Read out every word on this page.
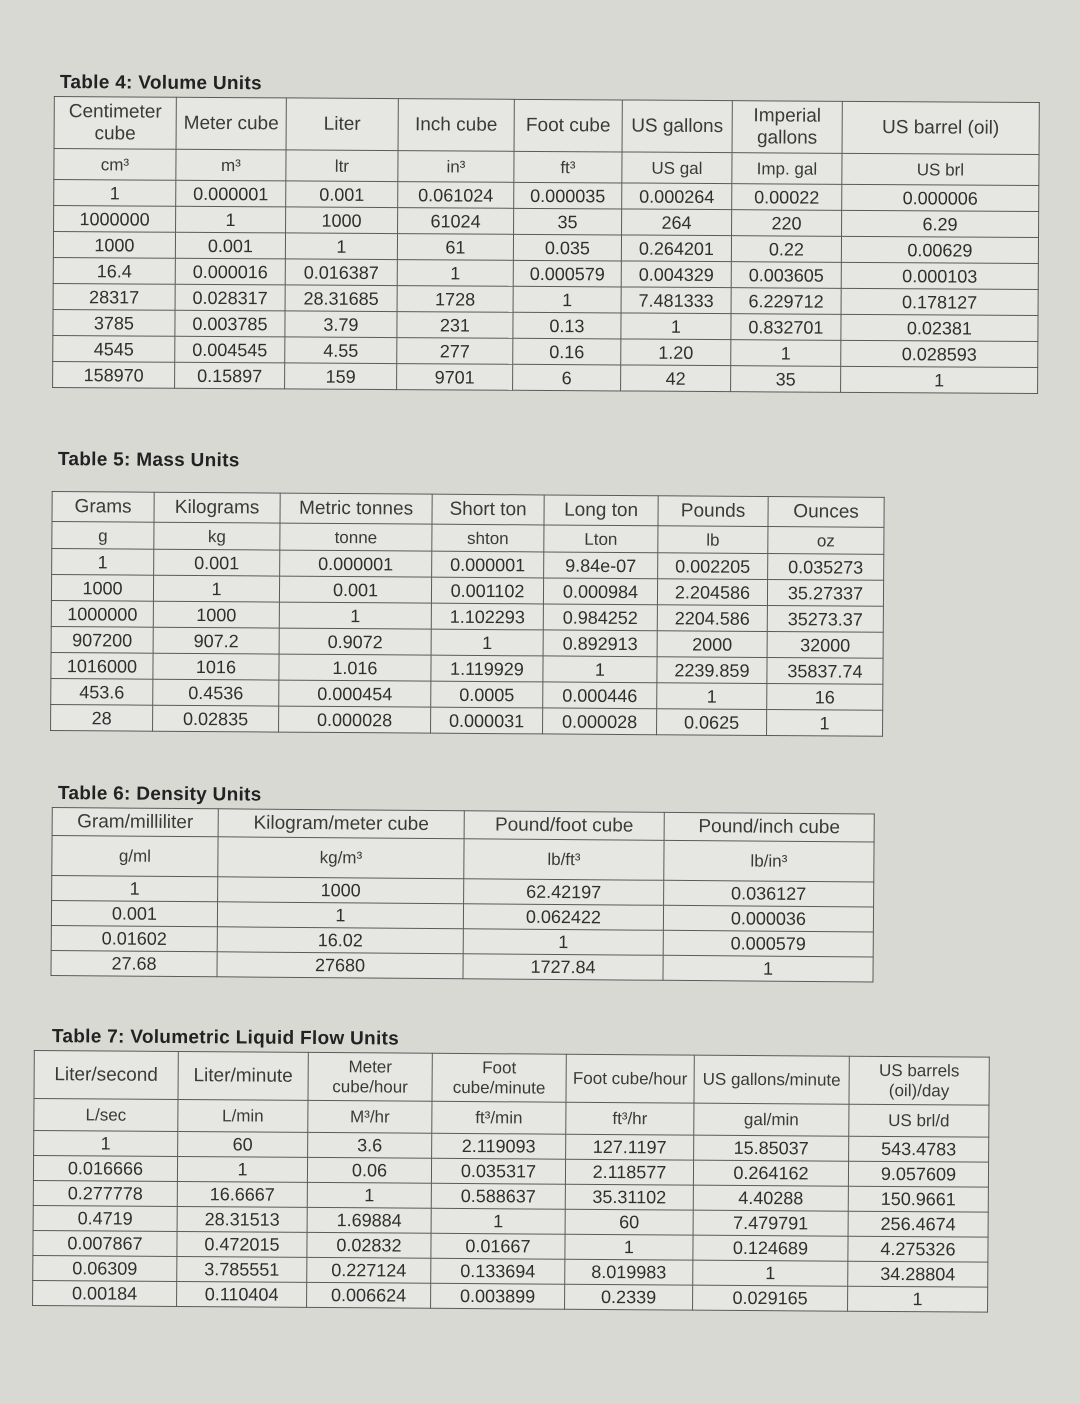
Table 4: Volume Units
Centimeter cube	Meter cube	Liter	Inch cube	Foot cube	US gallons	Imperial gallons	US barrel (oil)
cm³	m³	ltr	in³	ft³	US gal	Imp. gal	US brl
1	0.000001	0.001	0.061024	0.000035	0.000264	0.00022	0.000006
1000000	1	1000	61024	35	264	220	6.29
1000	0.001	1	61	0.035	0.264201	0.22	0.00629
16.4	0.000016	0.016387	1	0.000579	0.004329	0.003605	0.000103
28317	0.028317	28.31685	1728	1	7.481333	6.229712	0.178127
3785	0.003785	3.79	231	0.13	1	0.832701	0.02381
4545	0.004545	4.55	277	0.16	1.20	1	0.028593
158970	0.15897	159	9701	6	42	35	1
Table 5: Mass Units
Grams	Kilograms	Metric tonnes	Short ton	Long ton	Pounds	Ounces
g	kg	tonne	shton	Lton	lb	oz
1	0.001	0.000001	0.000001	9.84e-07	0.002205	0.035273
1000	1	0.001	0.001102	0.000984	2.204586	35.27337
1000000	1000	1	1.102293	0.984252	2204.586	35273.37
907200	907.2	0.9072	1	0.892913	2000	32000
1016000	1016	1.016	1.119929	1	2239.859	35837.74
453.6	0.4536	0.000454	0.0005	0.000446	1	16
28	0.02835	0.000028	0.000031	0.000028	0.0625	1
Table 6: Density Units
Gram/milliliter	Kilogram/meter cube	Pound/foot cube	Pound/inch cube
g/ml	kg/m³	lb/ft³	lb/in³
1	1000	62.42197	0.036127
0.001	1	0.062422	0.000036
0.01602	16.02	1	0.000579
27.68	27680	1727.84	1
Table 7: Volumetric Liquid Flow Units
Liter/second	Liter/minute	Meter cube/hour	Foot cube/minute	Foot cube/hour	US gallons/minute	US barrels (oil)/day
L/sec	L/min	M³/hr	ft³/min	ft³/hr	gal/min	US brl/d
1	60	3.6	2.119093	127.1197	15.85037	543.4783
0.016666	1	0.06	0.035317	2.118577	0.264162	9.057609
0.277778	16.6667	1	0.588637	35.31102	4.40288	150.9661
0.4719	28.31513	1.69884	1	60	7.479791	256.4674
0.007867	0.472015	0.02832	0.01667	1	0.124689	4.275326
0.06309	3.785551	0.227124	0.133694	8.019983	1	34.28804
0.00184	0.110404	0.006624	0.003899	0.2339	0.029165	1
